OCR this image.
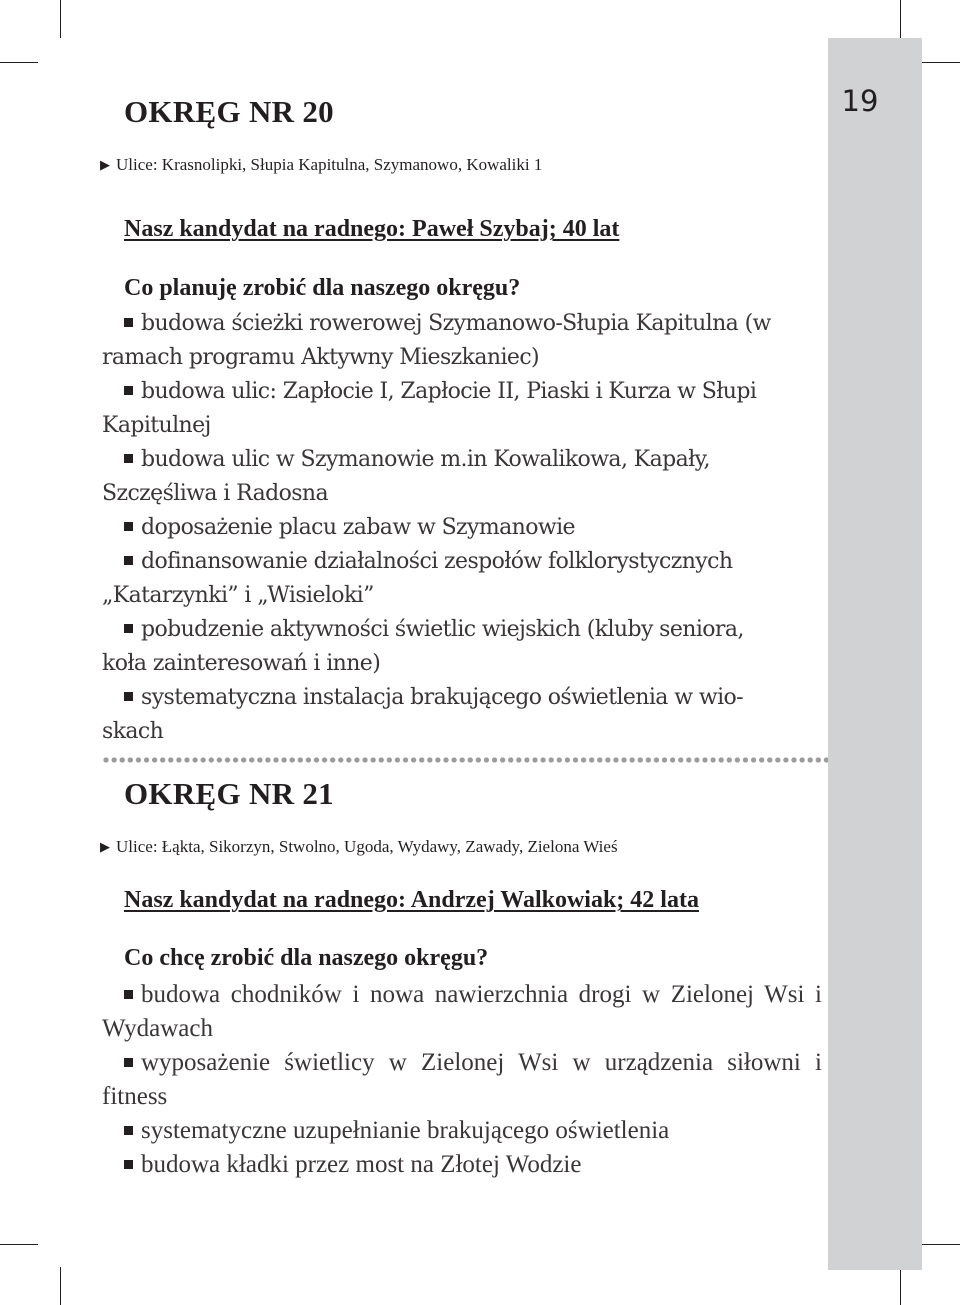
19
OKRĘG NR 20
▶ Ulice: Krasnolipki, Słupia Kapitulna, Szymanowo, Kowaliki 1

Nasz kandydat na radnego: Paweł Szybaj; 40 lat

Co planuję zrobić dla naszego okręgu?

budowa ścieżki rowerowej Szymanowo-Słupia Kapitulna (w ramach programu Aktywny Mieszkaniec)
budowa ulic: Zapłocie I, Zapłocie II, Piaski i Kurza w Słupi Kapitulnej
budowa ulic w Szymanowie m.in Kowalikowa, Kapały, Szczęśliwa i Radosna
doposażenie placu zabaw w Szymanowie
dofinansowanie działalności zespołów folklorystycznych „Katarzynki” i „Wisieloki”
pobudzenie aktywności świetlic wiejskich (kluby seniora, koła zainteresowań i inne)
systematyczna instalacja brakującego oświetlenia w wioskach
OKRĘG NR 21
▶ Ulice: Łąkta, Sikorzyn, Stwolno, Ugoda, Wydawy, Zawady, Zielona Wieś

Nasz kandydat na radnego: Andrzej Walkowiak; 42 lata

Co chcę zrobić dla naszego okręgu?

budowa chodników i nowa nawierzchnia drogi w Zielonej Wsi i Wydawach
wyposażenie świetlicy w Zielonej Wsi w urządzenia siłowni i fitness
systematyczne uzupełnianie brakującego oświetlenia
budowa kładki przez most na Złotej Wodzie
